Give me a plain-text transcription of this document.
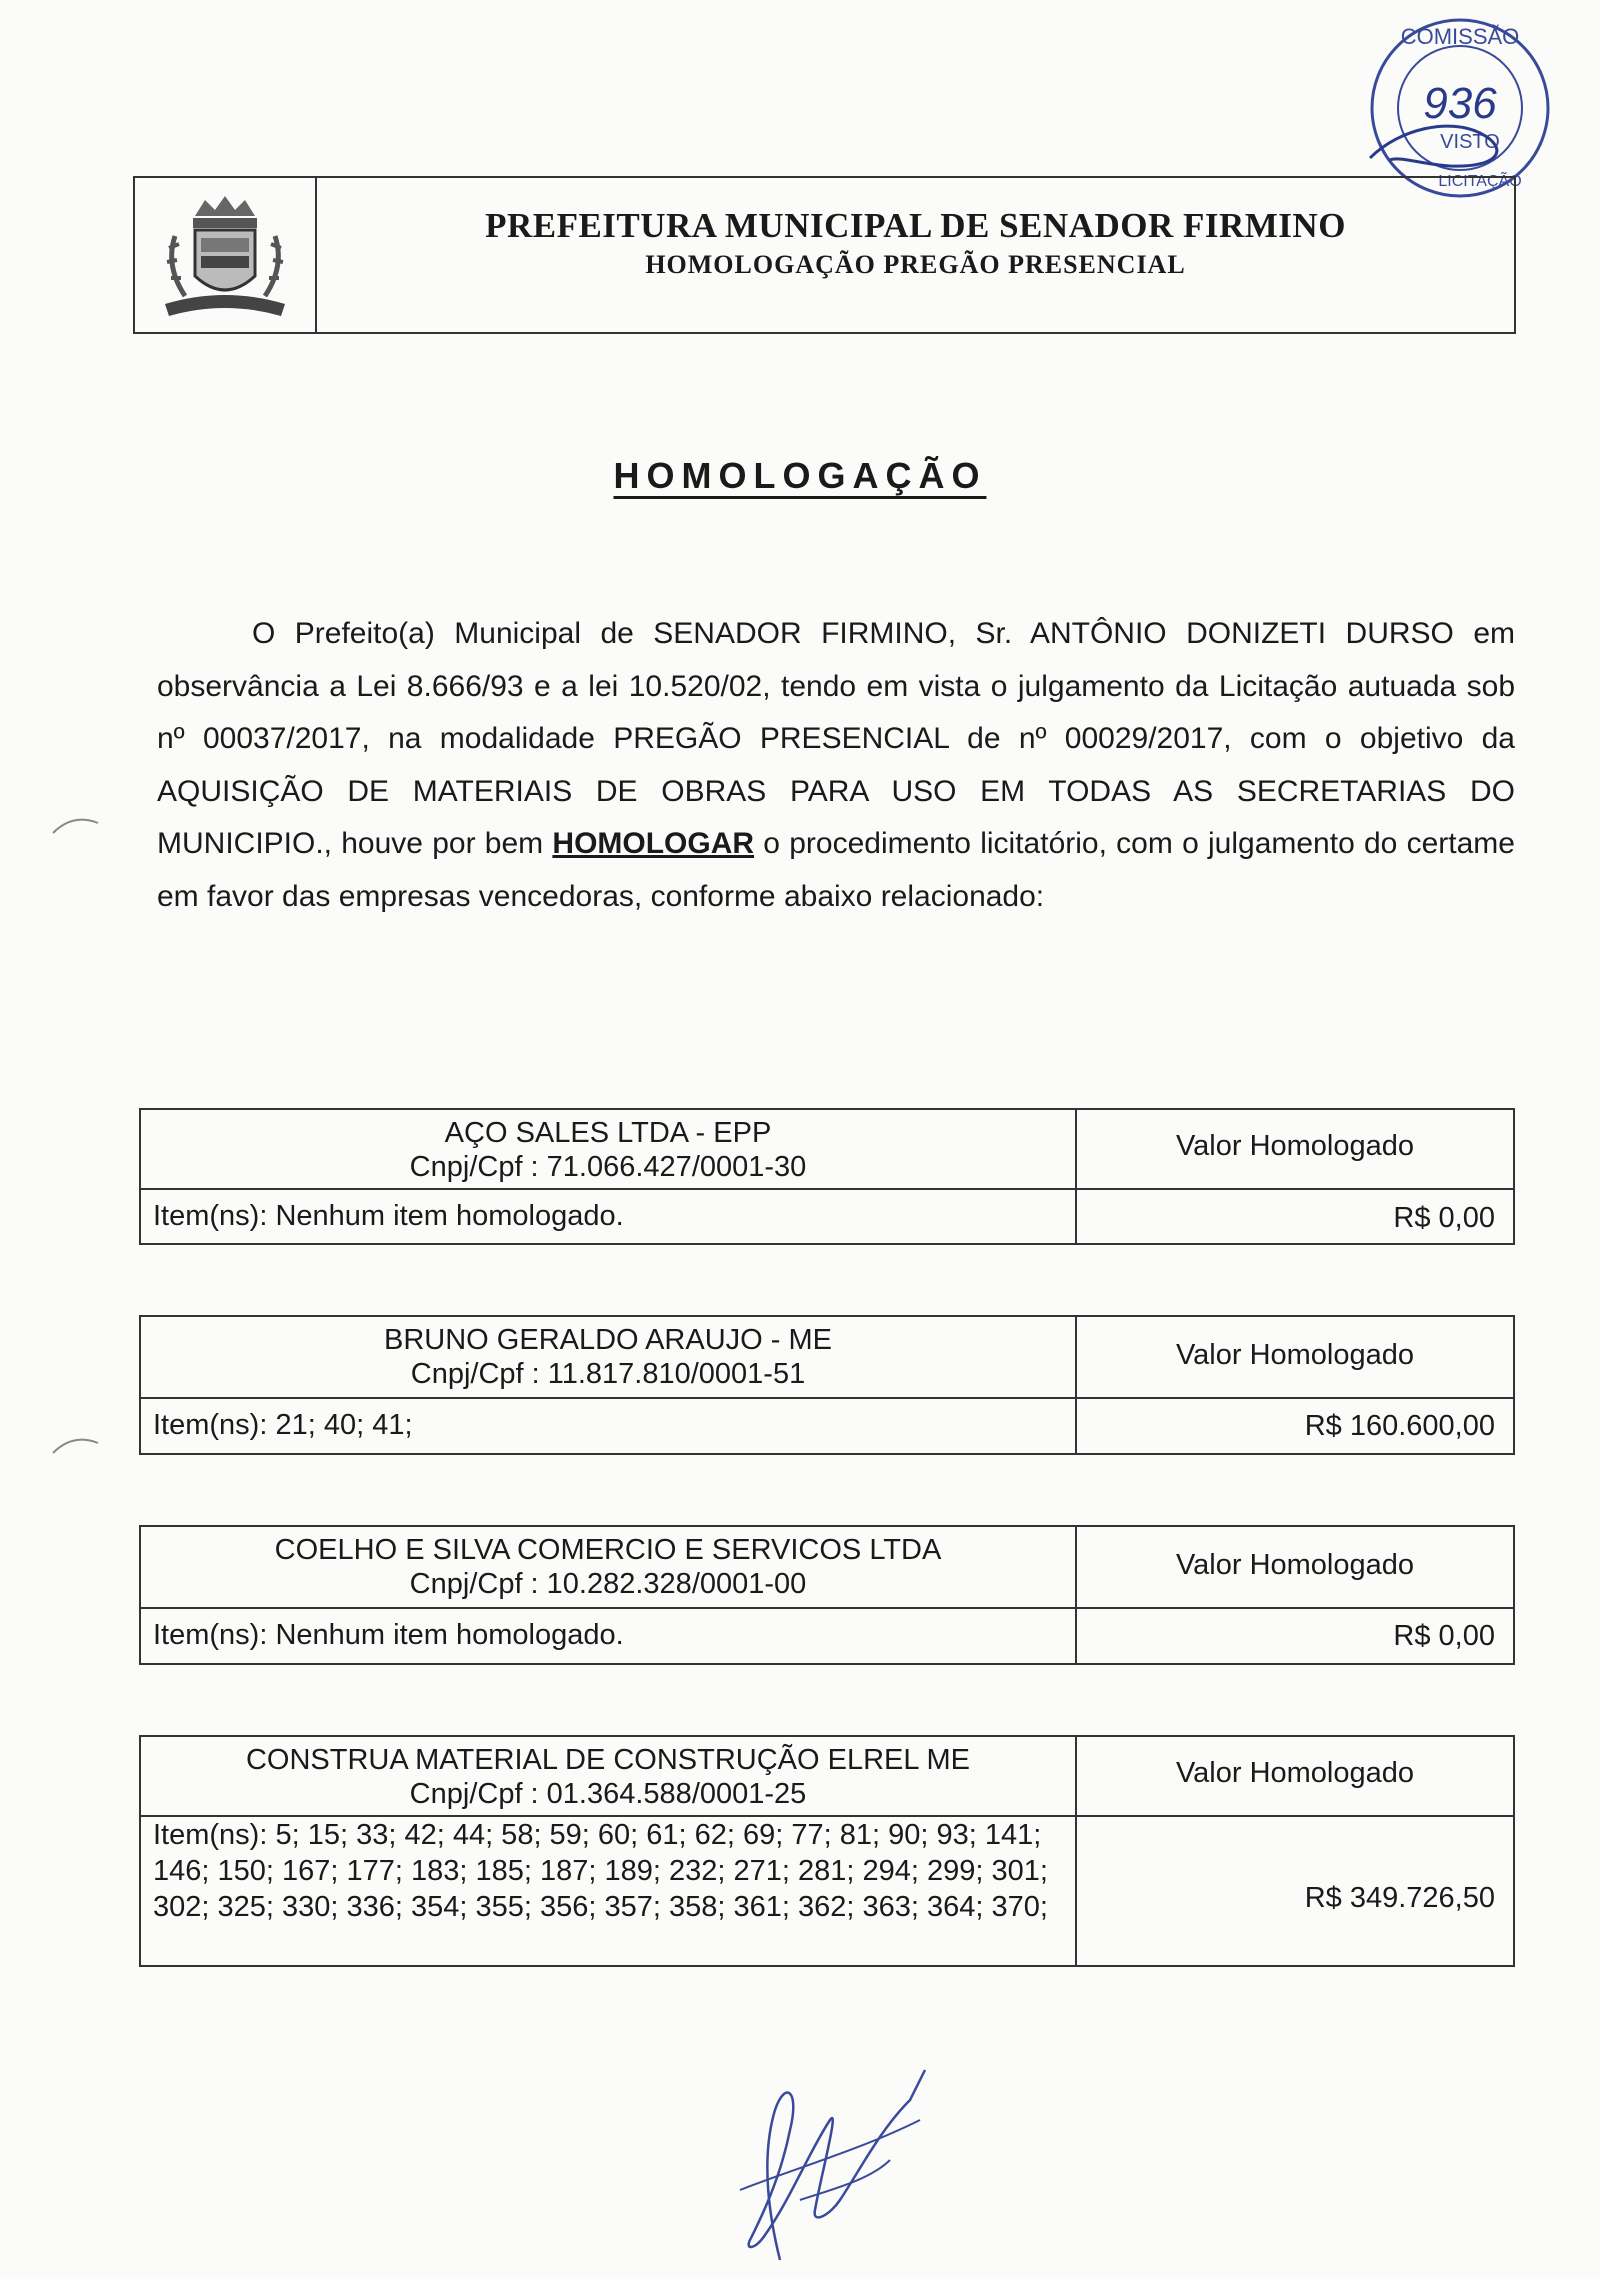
COMISSÃO
936
VISTO
LICITAÇÃO
PREFEITURA MUNICIPAL DE SENADOR FIRMINO
HOMOLOGAÇÃO PREGÃO PRESENCIAL
HOMOLOGAÇÃO

O Prefeito(a) Municipal de SENADOR FIRMINO, Sr. ANTÔNIO DONIZETI DURSO em observância a Lei 8.666/93 e a lei 10.520/02, tendo em vista o julgamento da Licitação autuada sob nº 00037/2017, na modalidade PREGÃO PRESENCIAL de nº 00029/2017, com o objetivo da AQUISIÇÃO DE MATERIAIS DE OBRAS PARA USO EM TODAS AS SECRETARIAS DO MUNICIPIO., houve por bem HOMOLOGAR o procedimento licitatório, com o julgamento do certame em favor das empresas vencedoras, conforme abaixo relacionado:

AÇO SALES LTDA - EPP
Cnpj/Cpf : 71.066.427/0001-30
Item(ns): Nenhum item homologado.
Valor Homologado
R$ 0,00
BRUNO GERALDO ARAUJO - ME
Cnpj/Cpf : 11.817.810/0001-51
Item(ns): 21; 40; 41;
Valor Homologado
R$ 160.600,00
COELHO E SILVA COMERCIO E SERVICOS LTDA
Cnpj/Cpf : 10.282.328/0001-00
Item(ns): Nenhum item homologado.
Valor Homologado
R$ 0,00
CONSTRUA MATERIAL DE CONSTRUÇÃO ELREL ME
Cnpj/Cpf : 01.364.588/0001-25
Item(ns): 5; 15; 33; 42; 44; 58; 59; 60; 61; 62; 69; 77; 81; 90; 93; 141; 146; 150; 167; 177; 183; 185; 187; 189; 232; 271; 281; 294; 299; 301; 302; 325; 330; 336; 354; 355; 356; 357; 358; 361; 362; 363; 364; 370;
Valor Homologado
R$ 349.726,50
